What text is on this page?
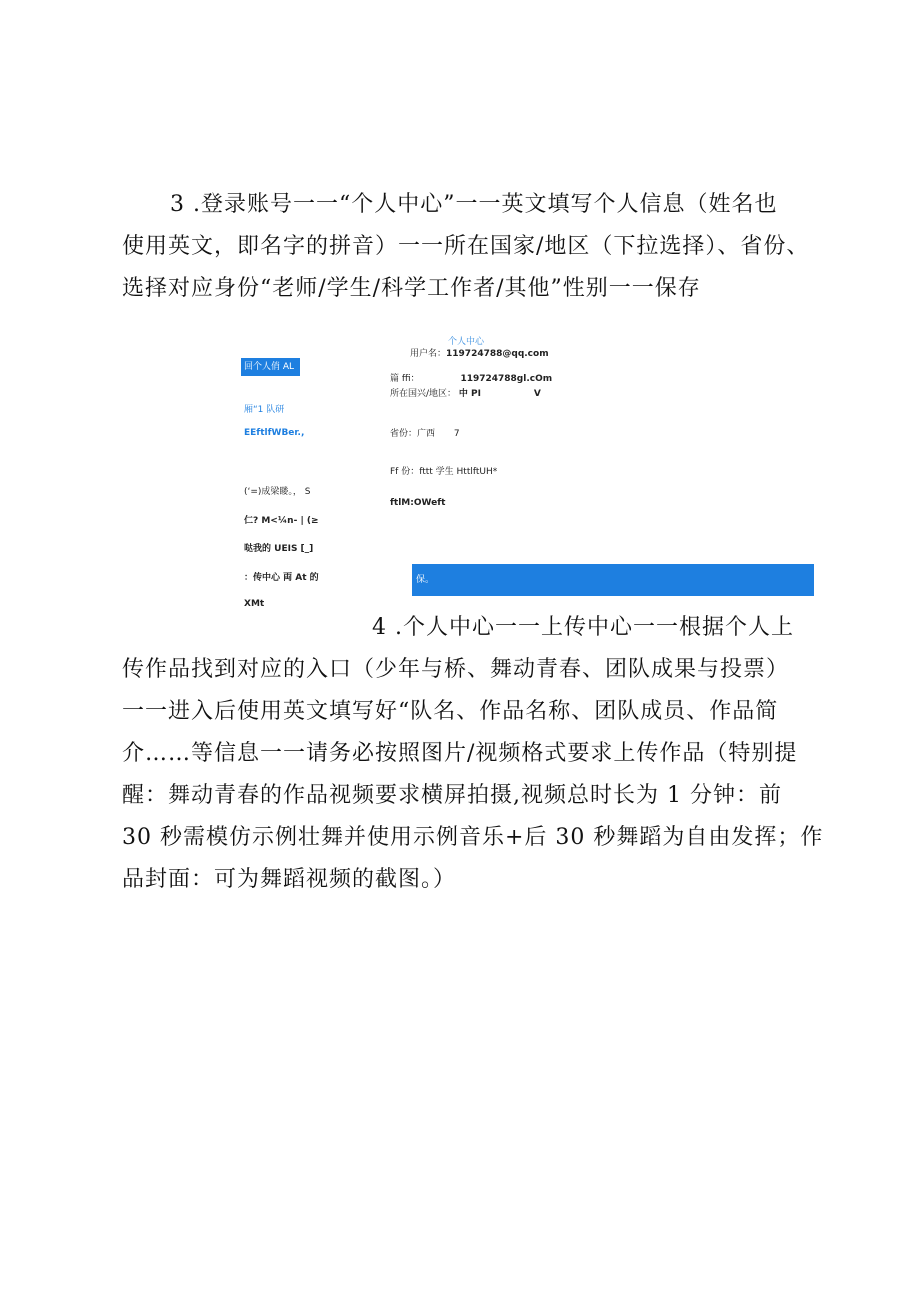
3 .登录账号一一“个人中心”一一英文填写个人信息（姓名也
使用英文，即名字的拼音）一一所在国家/地区（下拉选择）、省份、
选择对应身份“老师/学生/科学工作者/其他”性别一一保存
个人中心
用户名：119724788@qq.com
回个人俏 AL
厢“1 队研
EEftlfWBer.,
(‘=)成梁䁖。， S
仁? M<¼n- | (≥
哒我的 UEIS [_]
：传中心 両 At 的
XMt
篇 ffi：	119724788gl.cOm
所在国兴/地区： 中 PI	V
省份：广西 7
Ff 份：fttt 学生 HttlftUH*
ftlM:OWeft
保。
4 .个人中心一一上传中心一一根据个人上
传作品找到对应的入口（少年与桥、舞动青春、团队成果与投票）
一一进入后使用英文填写好“队名、作品名称、团队成员、作品简
介……等信息一一请务必按照图片/视频格式要求上传作品（特别提
醒：舞动青春的作品视频要求横屏拍摄,视频总时长为 1 分钟：前
30 秒需模仿示例壮舞并使用示例音乐+后 30 秒舞蹈为自由发挥；作
品封面：可为舞蹈视频的截图。）
